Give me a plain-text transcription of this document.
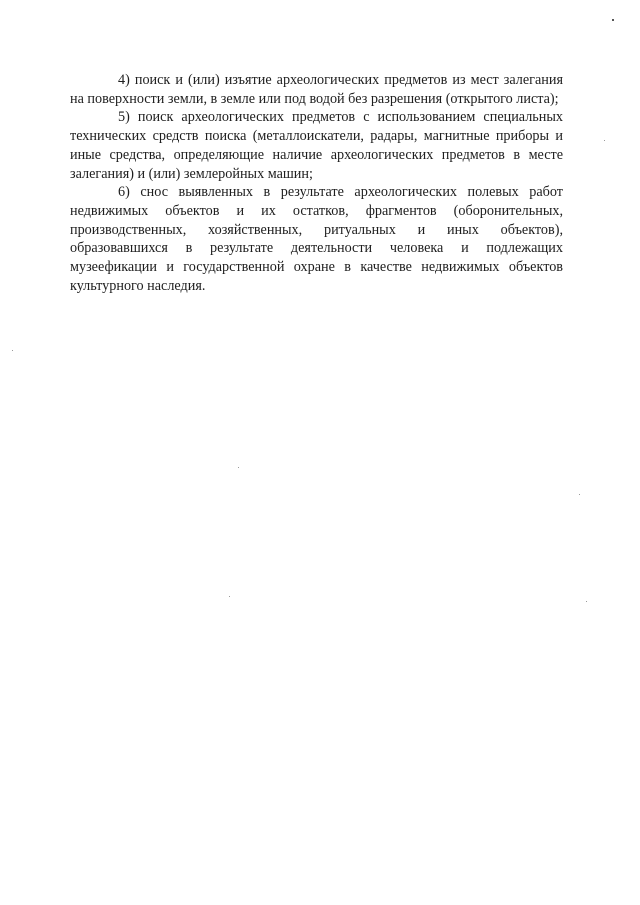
4) поиск и (или) изъятие археологических предметов из мест залегания на поверхности земли, в земле или под водой без разрешения (открытого листа);

5) поиск археологических предметов с использованием специальных технических средств поиска (металлоискатели, радары, магнитные приборы и иные средства, определяющие наличие археологических предметов в месте залегания) и (или) землеройных машин;

6) снос выявленных в результате археологических полевых работ недвижимых объектов и их остатков, фрагментов (оборонительных, производственных, хозяйственных, ритуальных и иных объектов), образовавшихся в результате деятельности человека и подлежащих музеефикации и государственной охране в качестве недвижимых объектов культурного наследия.
